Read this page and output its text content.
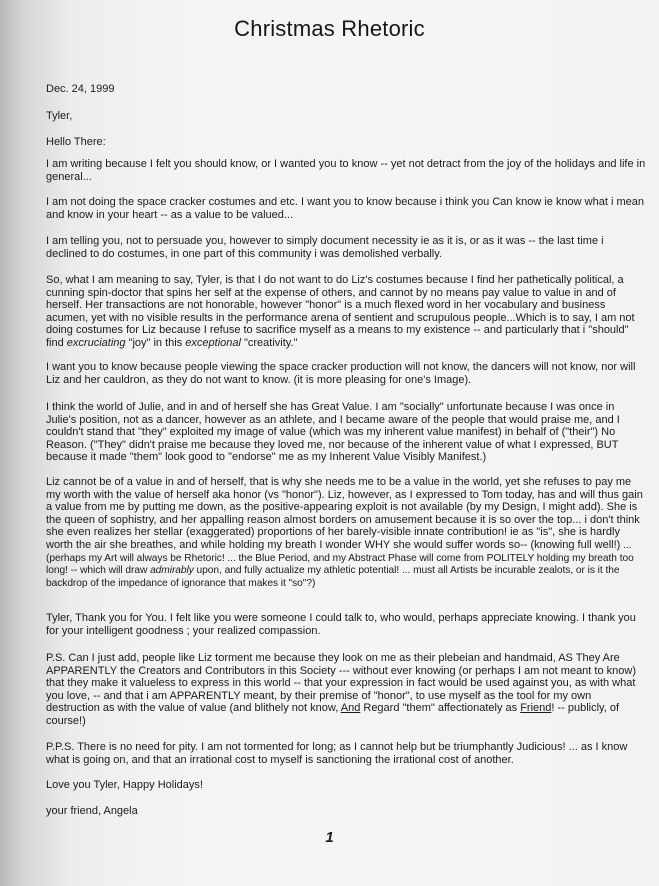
Christmas Rhetoric

Dec. 24, 1999

Tyler,

Hello There:

I am writing because I felt you should know, or I wanted you to know -- yet not detract from the joy of the holidays and life in general...

I am not doing the space cracker costumes and etc. I want you to know because i think you Can know ie know what i mean and know in your heart -- as a value to be valued...

I am telling you, not to persuade you, however to simply document necessity ie as it is, or as it was -- the last time i declined to do costumes, in one part of this community i was demolished verbally.

So, what I am meaning to say, Tyler, is that I do not want to do Liz's costumes because I find her pathetically political, a cunning spin-doctor that spins her self at the expense of others, and cannot by no means pay value to value in and of herself. Her transactions are not honorable, however "honor" is a much flexed word in her vocabulary and business acumen, yet with no visible results in the performance arena of sentient and scrupulous people...Which is to say, I am not doing costumes for Liz because I refuse to sacrifice myself as a means to my existence -- and particularly that i "should" find excruciating "joy" in this exceptional "creativity."

I want you to know because people viewing the space cracker production will not know, the dancers will not know, nor will Liz and her cauldron, as they do not want to know. (it is more pleasing for one's Image).

I think the world of Julie, and in and of herself she has Great Value. I am "socially" unfortunate because I was once in Julie's position, not as a dancer, however as an athlete, and I became aware of the people that would praise me, and I couldn't stand that "they" exploited my image of value (which was my inherent value manifest) in behalf of ("their") No Reason. ("They" didn't praise me because they loved me, nor because of the inherent value of what I expressed, BUT because it made "them" look good to "endorse" me as my Inherent Value Visibly Manifest.)

Liz cannot be of a value in and of herself, that is why she needs me to be a value in the world, yet she refuses to pay me my worth with the value of herself aka honor (vs "honor"). Liz, however, as I expressed to Tom today, has and will thus gain a value from me by putting me down, as the positive-appearing exploit is not available (by my Design, I might add). She is the queen of sophistry, and her appalling reason almost borders on amusement because it is so over the top... i don't think she even realizes her stellar (exaggerated) proportions of her barely-visible innate contribution! ie as "is", she is hardly worth the air she breathes, and while holding my breath I wonder WHY she would suffer words so-- (knowing full well!) ... (perhaps my Art will always be Rhetoric! ... the Blue Period, and my Abstract Phase will come from POLITELY holding my breath too long! -- which will draw admirably upon, and fully actualize my athletic potential! ... must all Artists be incurable zealots, or is it the backdrop of the impedance of ignorance that makes it "so"?)

Tyler, Thank you for You. I felt like you were someone I could talk to, who would, perhaps appreciate knowing. I thank you for your intelligent goodness ; your realized compassion.

P.S. Can I just add, people like Liz torment me because they look on me as their plebeian and handmaid, AS They Are APPARENTLY the Creators and Contributors in this Society --- without ever knowing (or perhaps I am not meant to know) that they make it valueless to express in this world -- that your expression in fact would be used against you, as with what you love, -- and that i am APPARENTLY meant, by their premise of "honor", to use myself as the tool for my own destruction as with the value of value (and blithely not know, And Regard "them" affectionately as Friend! -- publicly, of course!)

P.P.S. There is no need for pity. I am not tormented for long; as I cannot help but be triumphantly Judicious! ... as I know what is going on, and that an irrational cost to myself is sanctioning the irrational cost of another.

Love you Tyler, Happy Holidays!

your friend, Angela

1
